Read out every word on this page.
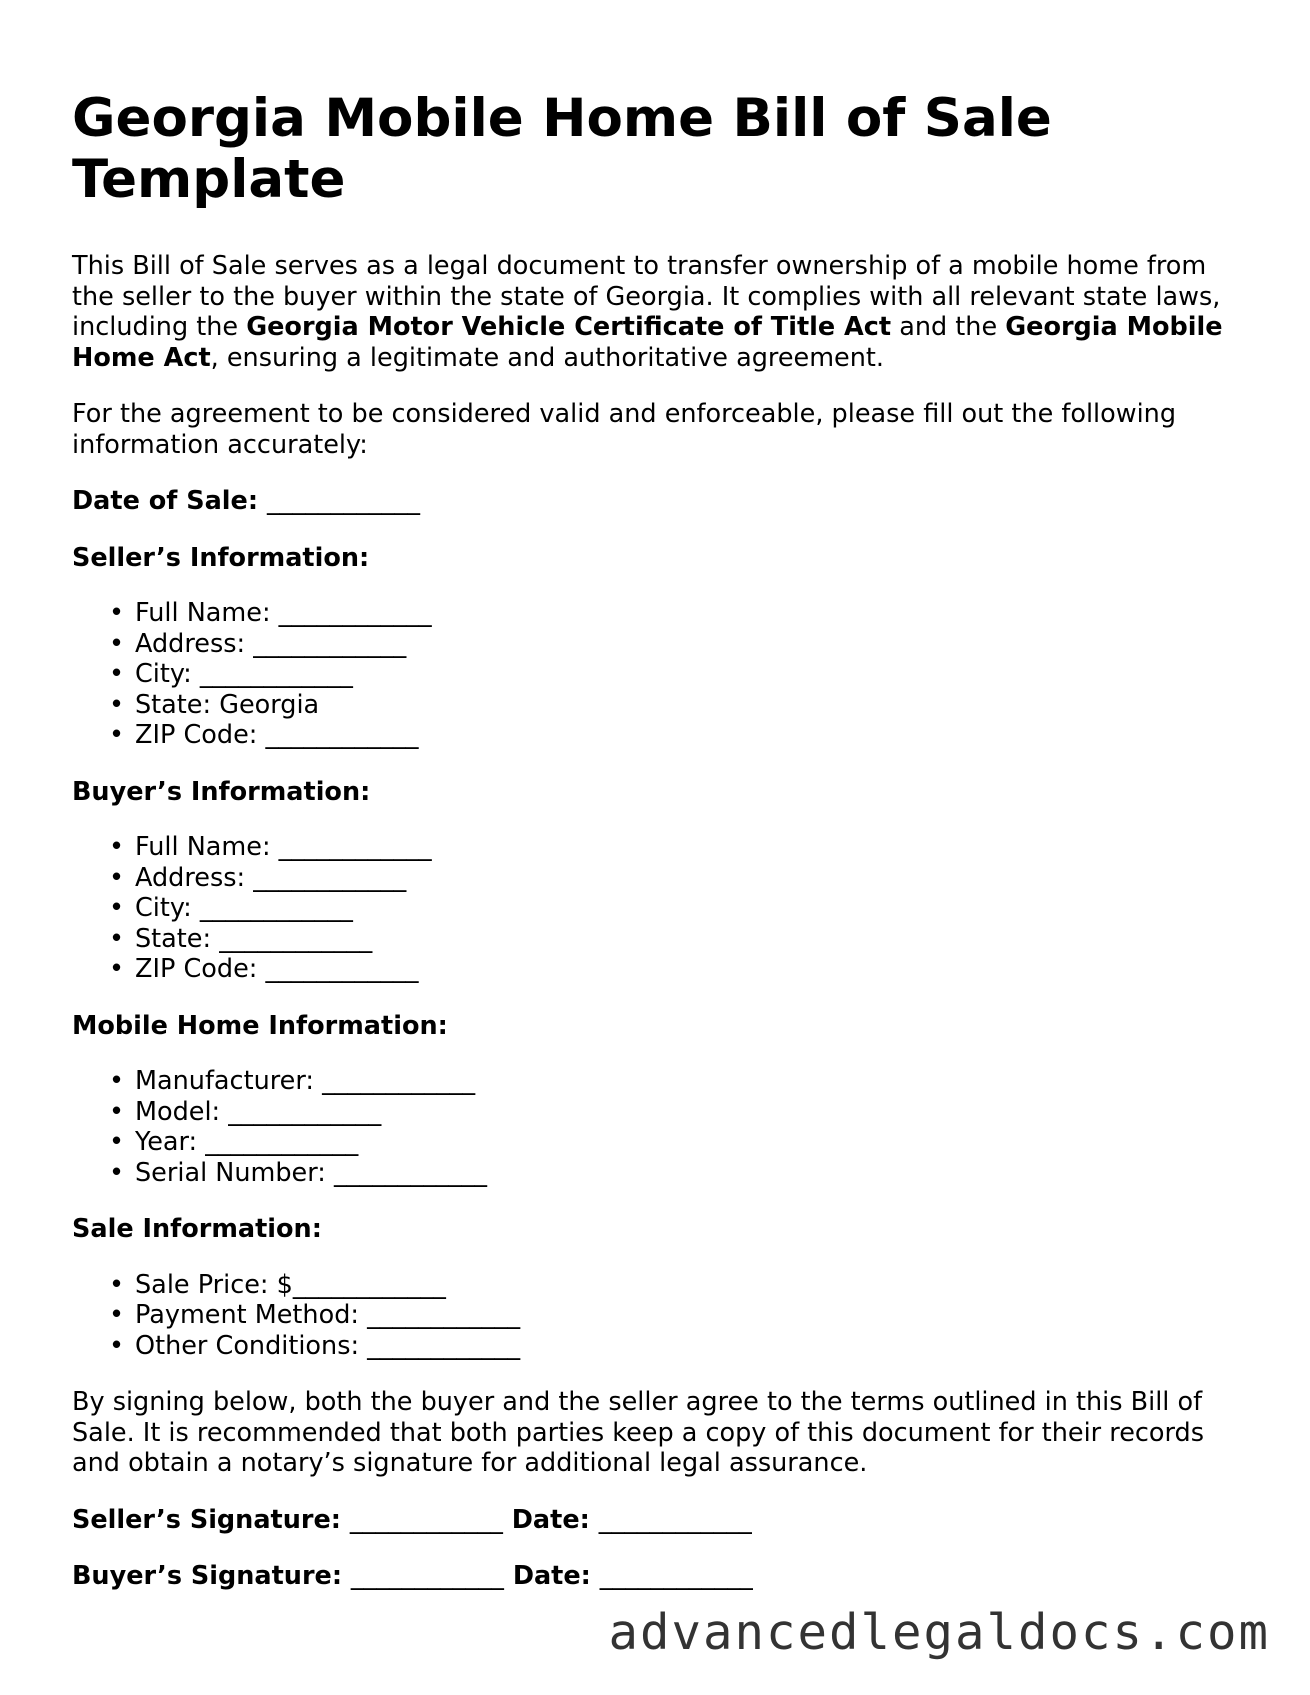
Georgia Mobile Home Bill of Sale Template

This Bill of Sale serves as a legal document to transfer ownership of a mobile home from the seller to the buyer within the state of Georgia. It complies with all relevant state laws, including the Georgia Motor Vehicle Certificate of Title Act and the Georgia Mobile Home Act, ensuring a legitimate and authoritative agreement.

For the agreement to be considered valid and enforceable, please fill out the following information accurately:

Date of Sale: ____________
Seller’s Information:
• Full Name: ____________
• Address: ____________
• City: ____________
• State: Georgia
• ZIP Code: ____________
Buyer’s Information:
• Full Name: ____________
• Address: ____________
• City: ____________
• State: ____________
• ZIP Code: ____________
Mobile Home Information:
• Manufacturer: ____________
• Model: ____________
• Year: ____________
• Serial Number: ____________
Sale Information:
• Sale Price: $____________
• Payment Method: ____________
• Other Conditions: ____________

By signing below, both the buyer and the seller agree to the terms outlined in this Bill of Sale. It is recommended that both parties keep a copy of this document for their records and obtain a notary’s signature for additional legal assurance.

Seller’s Signature: ____________ Date: ____________
Buyer’s Signature: ____________ Date: ____________
advancedlegaldocs.com
